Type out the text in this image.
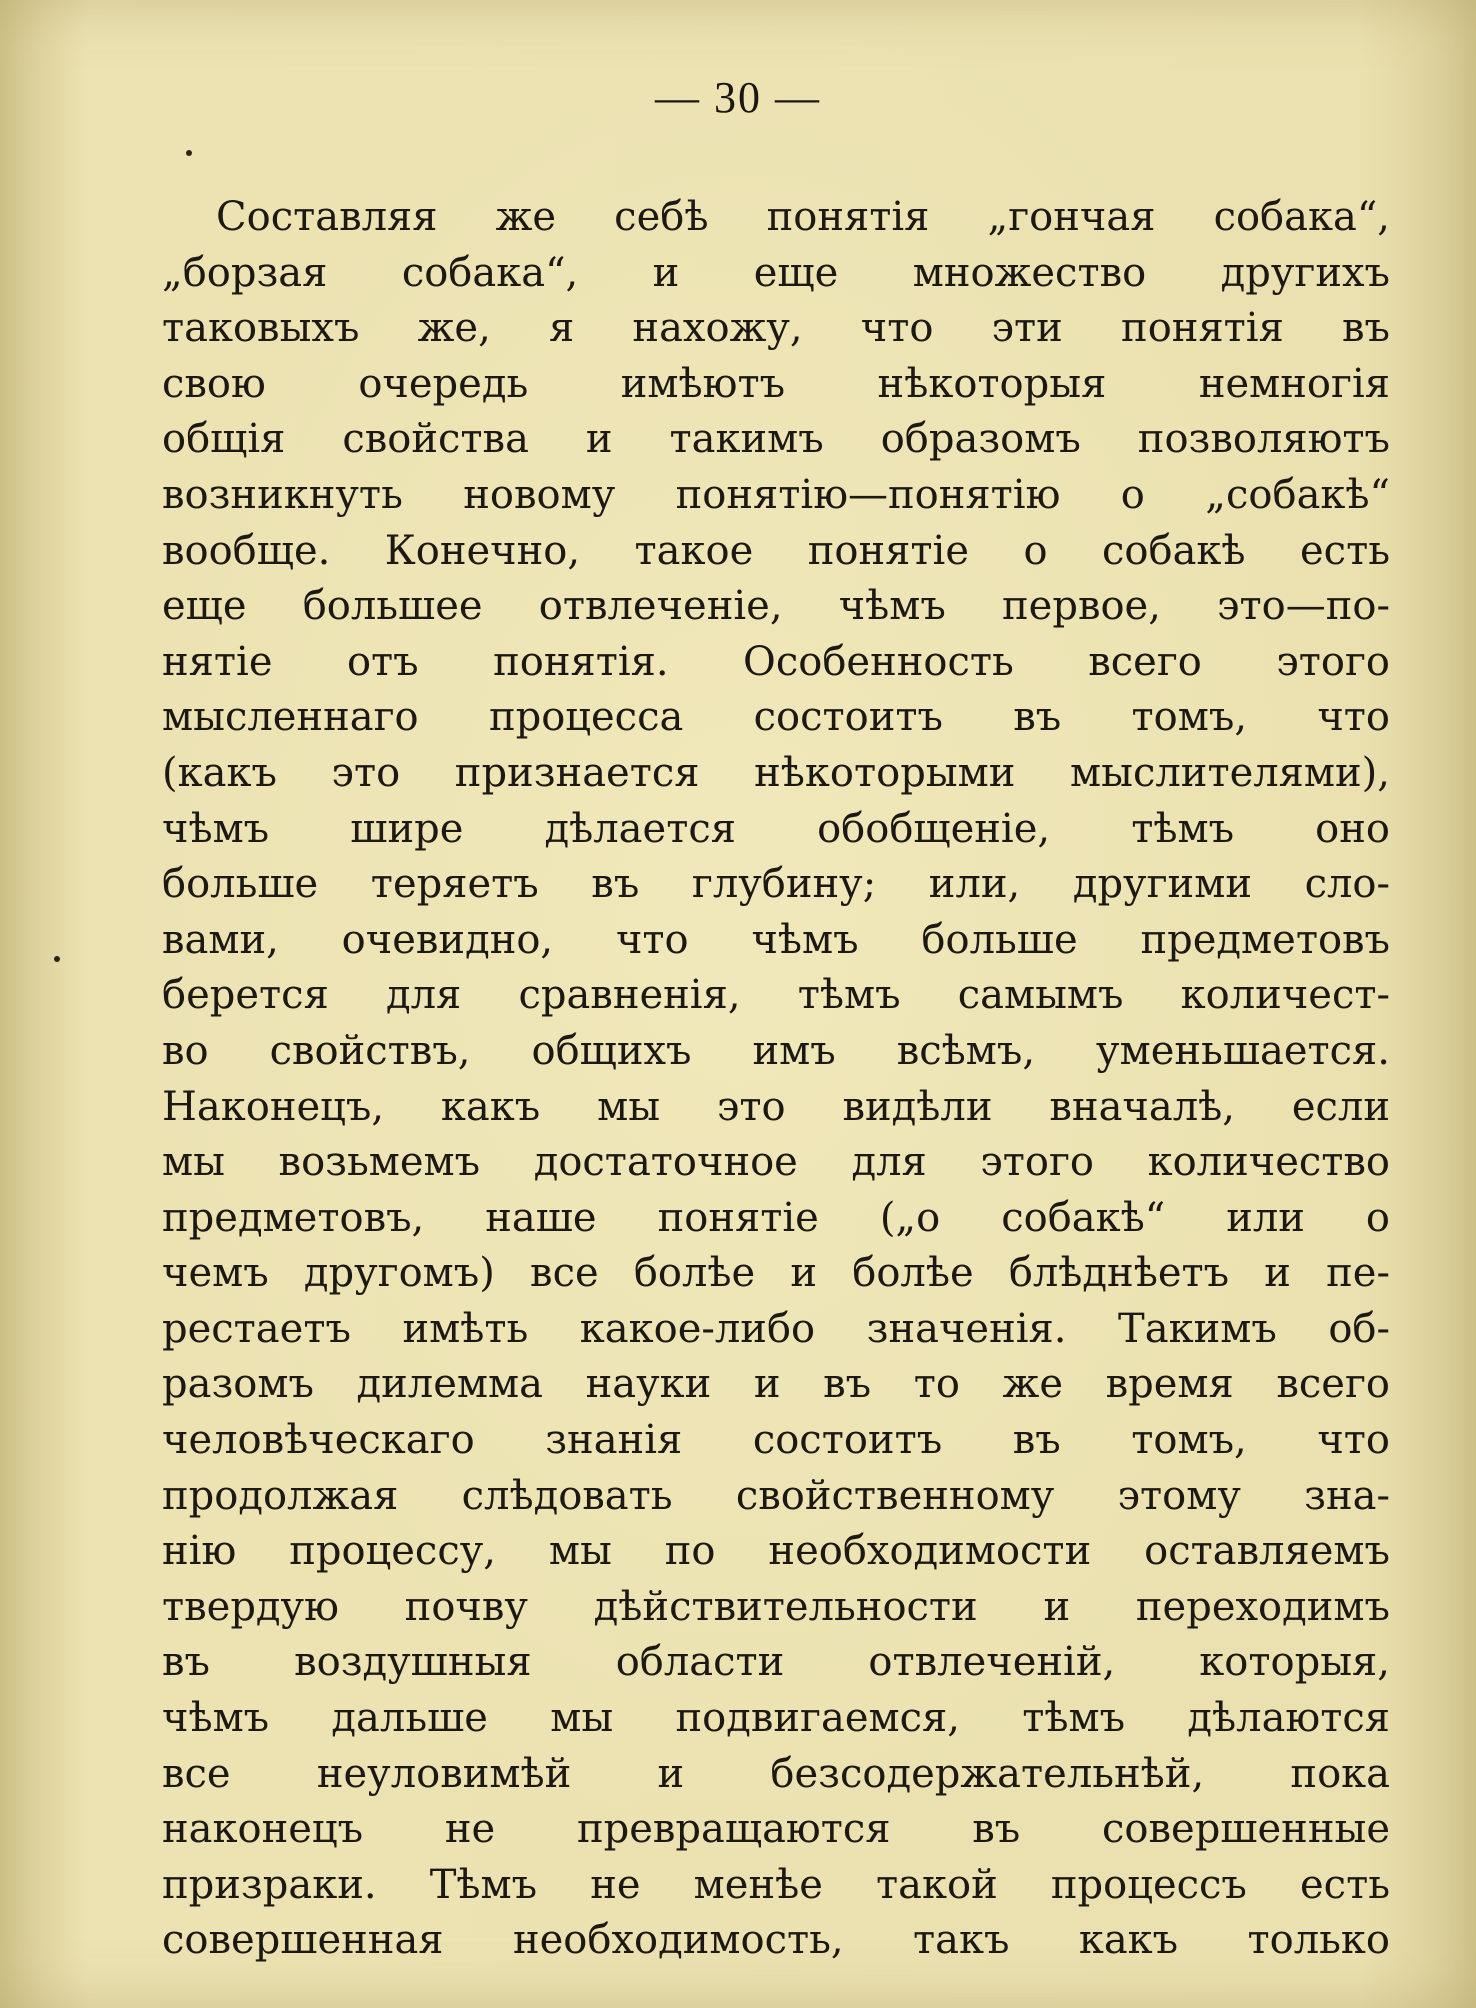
— 30 —
Составляя же себѣ понятія „гончая собака“,
„борзая собака“, и еще множество другихъ
таковыхъ же, я нахожу, что эти понятія въ
свою очередь имѣютъ нѣкоторыя немногія
общія свойства и такимъ образомъ позволяютъ
возникнуть новому понятію—понятію о „собакѣ“
вообще. Конечно, такое понятіе о собакѣ есть
еще большее отвлеченіе, чѣмъ первое, это—по-
нятіе отъ понятія. Особенность всего этого
мысленнаго процесса состоитъ въ томъ, что
(какъ это признается нѣкоторыми мыслителями),
чѣмъ шире дѣлается обобщеніе, тѣмъ оно
больше теряетъ въ глубину; или, другими сло-
вами, очевидно, что чѣмъ больше предметовъ
берется для сравненія, тѣмъ самымъ количест-
во свойствъ, общихъ имъ всѣмъ, уменьшается.
Наконецъ, какъ мы это видѣли вначалѣ, если
мы возьмемъ достаточное для этого количество
предметовъ, наше понятіе („о собакѣ“ или о
чемъ другомъ) все болѣе и болѣе блѣднѣетъ и пе-
рестаетъ имѣть какое-либо значенія. Такимъ об-
разомъ дилемма науки и въ то же время всего
человѣческаго знанія состоитъ въ томъ, что
продолжая слѣдовать свойственному этому зна-
нію процессу, мы по необходимости оставляемъ
твердую почву дѣйствительности и переходимъ
въ воздушныя области отвлеченій, которыя,
чѣмъ дальше мы подвигаемся, тѣмъ дѣлаются
все неуловимѣй и безсодержательнѣй, пока
наконецъ не превращаются въ совершенные
призраки. Тѣмъ не менѣе такой процессъ есть
совершенная необходимость, такъ какъ только
